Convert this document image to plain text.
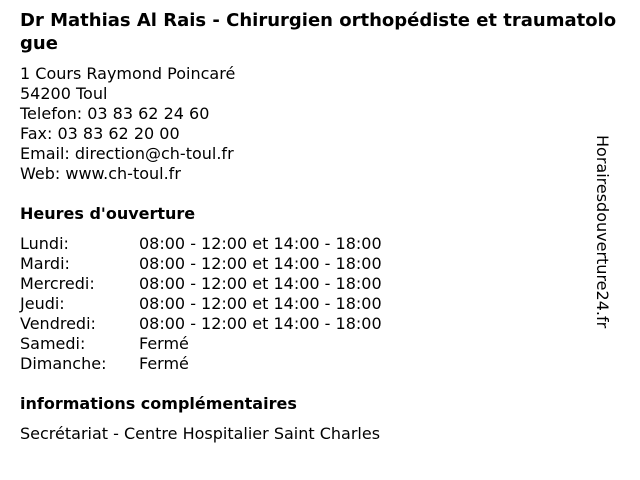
Dr Mathias Al Rais - Chirurgien orthopédiste et traumatologue
1 Cours Raymond Poincaré
54200 Toul
Telefon: 03 83 62 24 60
Fax: 03 83 62 20 00
Email: direction@ch-toul.fr
Web: www.ch-toul.fr
Heures d'ouverture
Lundi:	08:00 - 12:00 et 14:00 - 18:00
Mardi:	08:00 - 12:00 et 14:00 - 18:00
Mercredi:	08:00 - 12:00 et 14:00 - 18:00
Jeudi:	08:00 - 12:00 et 14:00 - 18:00
Vendredi:	08:00 - 12:00 et 14:00 - 18:00
Samedi:	Fermé
Dimanche:	Fermé
informations complémentaires
Secrétariat - Centre Hospitalier Saint Charles
Horairesdouverture24.fr
